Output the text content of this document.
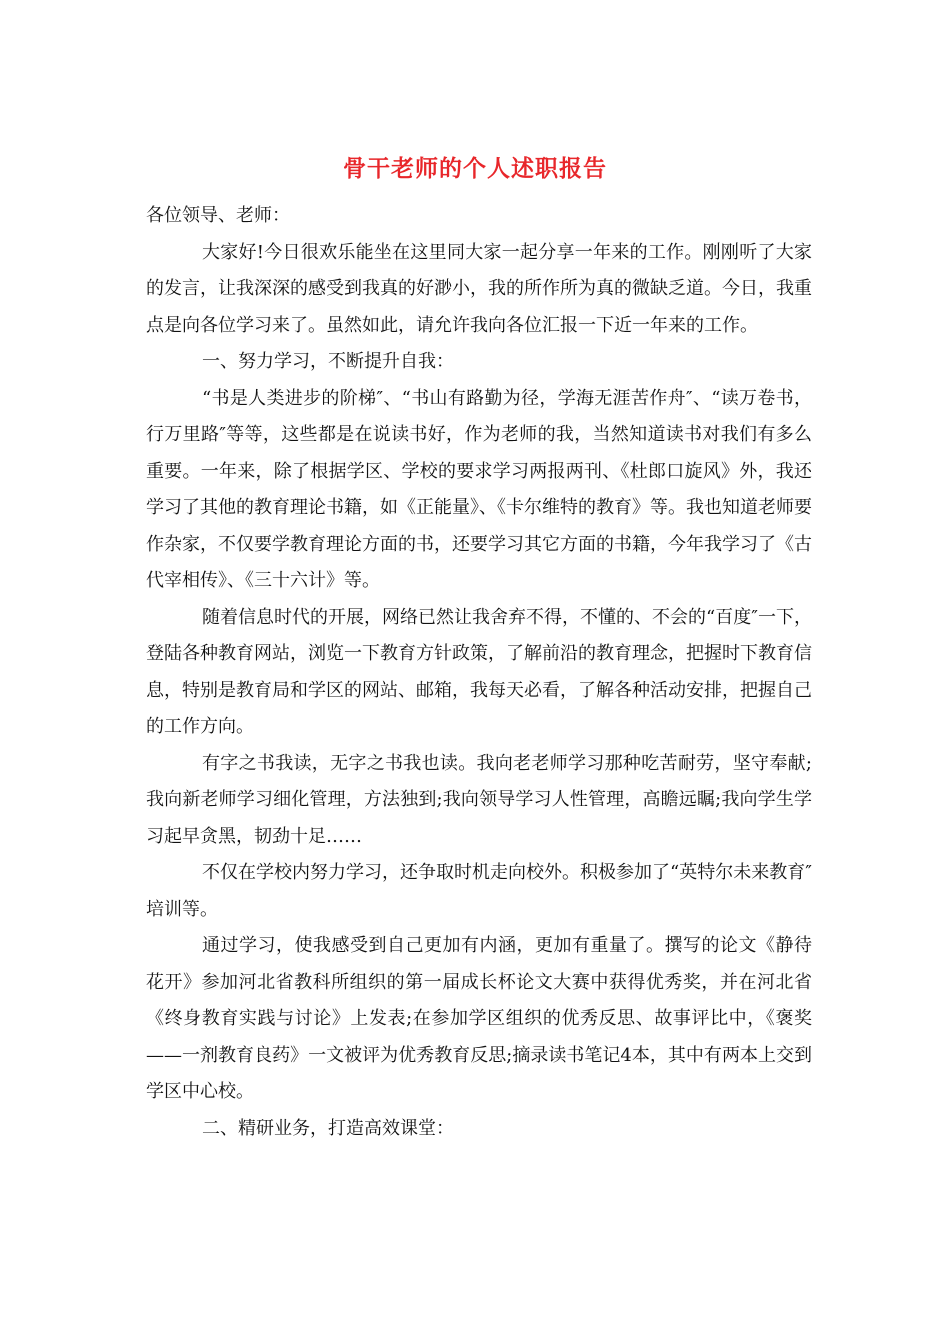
骨干老师的个人述职报告

各位领导、老师：

大家好!今日很欢乐能坐在这里同大家一起分享一年来的工作。刚刚听了大家的发言，让我深深的感受到我真的好渺小，我的所作所为真的微缺乏道。今日，我重点是向各位学习来了。虽然如此，请允许我向各位汇报一下近一年来的工作。

一、努力学习，不断提升自我：

“书是人类进步的阶梯″、“书山有路勤为径，学海无涯苦作舟″、“读万卷书，行万里路″等等，这些都是在说读书好，作为老师的我，当然知道读书对我们有多么重要。一年来，除了根据学区、学校的要求学习两报两刊、《杜郎口旋风》外，我还学习了其他的教育理论书籍，如《正能量》、《卡尔维特的教育》等。我也知道老师要作杂家，不仅要学教育理论方面的书，还要学习其它方面的书籍，今年我学习了《古代宰相传》、《三十六计》等。

随着信息时代的开展，网络已然让我舍弃不得，不懂的、不会的“百度″一下，登陆各种教育网站，浏览一下教育方针政策，了解前沿的教育理念，把握时下教育信息，特别是教育局和学区的网站、邮箱，我每天必看，了解各种活动安排，把握自己的工作方向。

有字之书我读，无字之书我也读。我向老老师学习那种吃苦耐劳，坚守奉献;我向新老师学习细化管理，方法独到;我向领导学习人性管理，高瞻远瞩;我向学生学习起早贪黑，韧劲十足……

不仅在学校内努力学习，还争取时机走向校外。积极参加了“英特尔未来教育″培训等。

通过学习，使我感受到自己更加有内涵，更加有重量了。撰写的论文《静待花开》参加河北省教科所组织的第一届成长杯论文大赛中获得优秀奖，并在河北省《终身教育实践与讨论》上发表;在参加学区组织的优秀反思、故事评比中，《褒奖——一剂教育良药》一文被评为优秀教育反思;摘录读书笔记4本，其中有两本上交到学区中心校。

二、精研业务，打造高效课堂：
